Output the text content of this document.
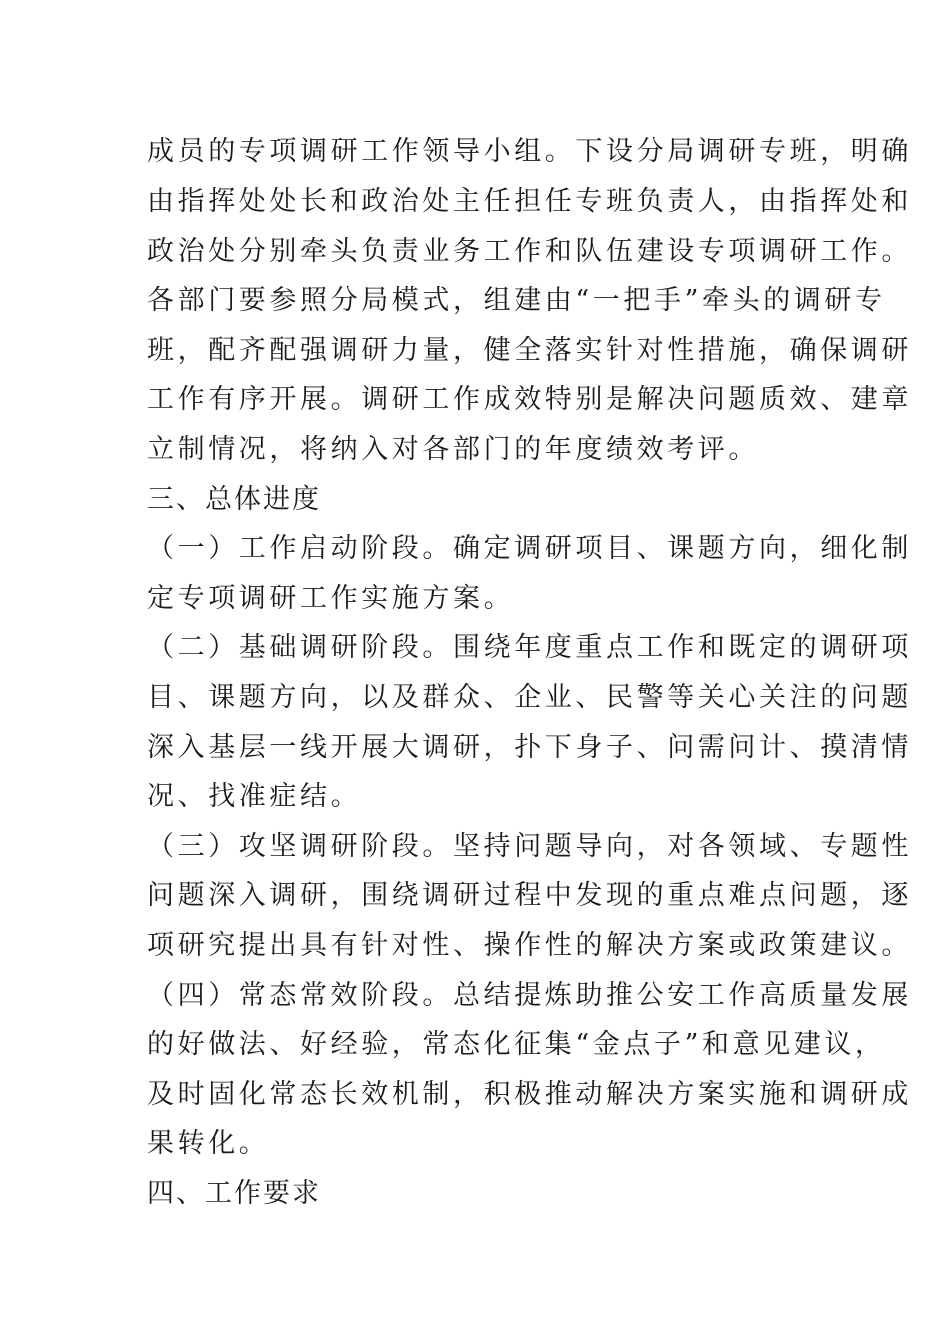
成员的专项调研工作领导小组。下设分局调研专班，明确
由指挥处处长和政治处主任担任专班负责人，由指挥处和
政治处分别牵头负责业务工作和队伍建设专项调研工作。
各部门要参照分局模式，组建由“一把手”牵头的调研专
班，配齐配强调研力量，健全落实针对性措施，确保调研
工作有序开展。调研工作成效特别是解决问题质效、建章
立制情况，将纳入对各部门的年度绩效考评。
三、总体进度
（一）工作启动阶段。确定调研项目、课题方向，细化制
定专项调研工作实施方案。
（二）基础调研阶段。围绕年度重点工作和既定的调研项
目、课题方向，以及群众、企业、民警等关心关注的问题
深入基层一线开展大调研，扑下身子、问需问计、摸清情
况、找准症结。
（三）攻坚调研阶段。坚持问题导向，对各领域、专题性
问题深入调研，围绕调研过程中发现的重点难点问题，逐
项研究提出具有针对性、操作性的解决方案或政策建议。
（四）常态常效阶段。总结提炼助推公安工作高质量发展
的好做法、好经验，常态化征集“金点子”和意见建议，
及时固化常态长效机制，积极推动解决方案实施和调研成
果转化。
四、工作要求
